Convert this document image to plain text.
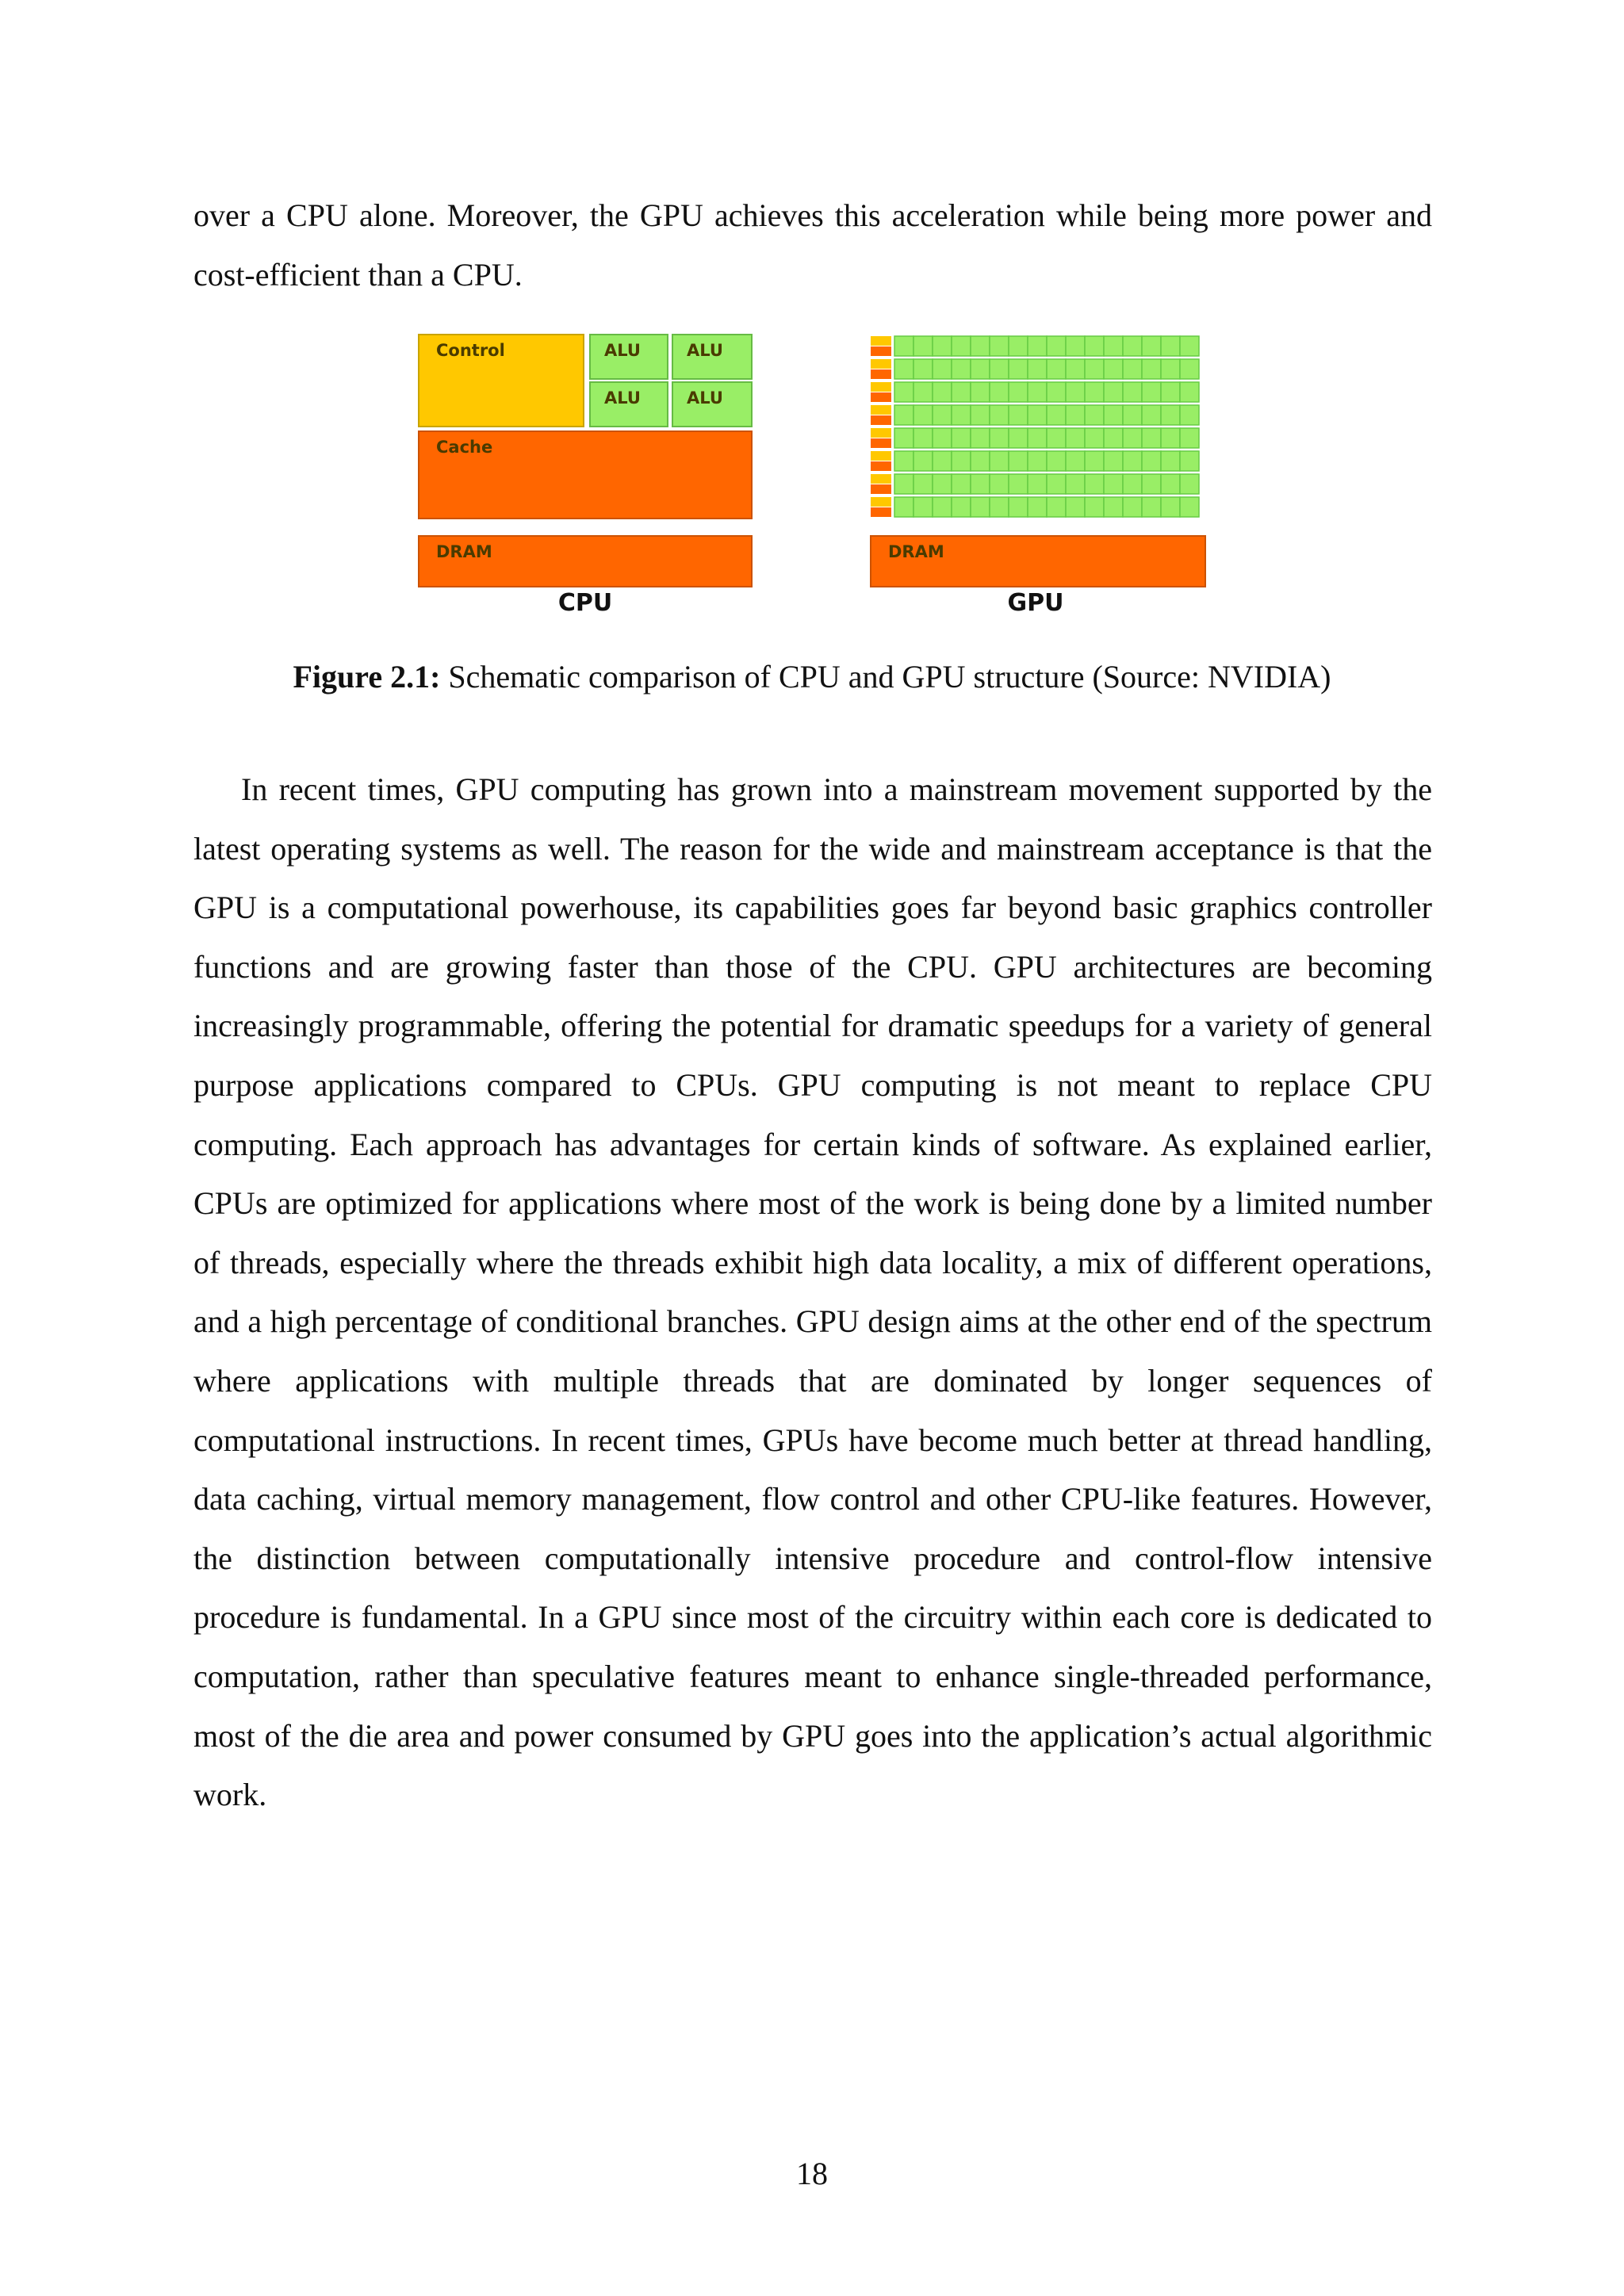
over a CPU alone. Moreover, the GPU achieves this acceleration while being more power and cost-efficient than a CPU.

Control	ALU	ALU
ALU	ALU
Cache
DRAM	DRAM
CPU	GPU

Figure 2.1: Schematic comparison of CPU and GPU structure (Source: NVIDIA)

In recent times, GPU computing has grown into a mainstream movement supported by the latest operating systems as well. The reason for the wide and mainstream acceptance is that the GPU is a computational powerhouse, its capabilities goes far beyond basic graphics controller functions and are growing faster than those of the CPU. GPU architectures are becoming increasingly programmable, offering the potential for dramatic speedups for a variety of general purpose applications compared to CPUs. GPU computing is not meant to replace CPU computing. Each approach has advantages for certain kinds of software. As explained earlier, CPUs are optimized for applications where most of the work is being done by a limited number of threads, especially where the threads exhibit high data locality, a mix of different operations, and a high percentage of conditional branches. GPU design aims at the other end of the spectrum where applications with multiple threads that are dominated by longer sequences of computational instructions. In recent times, GPUs have become much better at thread handling, data caching, virtual memory management, flow control and other CPU-like features. However, the distinction between computationally intensive procedure and control-flow intensive procedure is fundamental. In a GPU since most of the circuitry within each core is dedicated to computation, rather than speculative features meant to enhance single-threaded performance, most of the die area and power consumed by GPU goes into the application’s actual algorithmic work.

18
